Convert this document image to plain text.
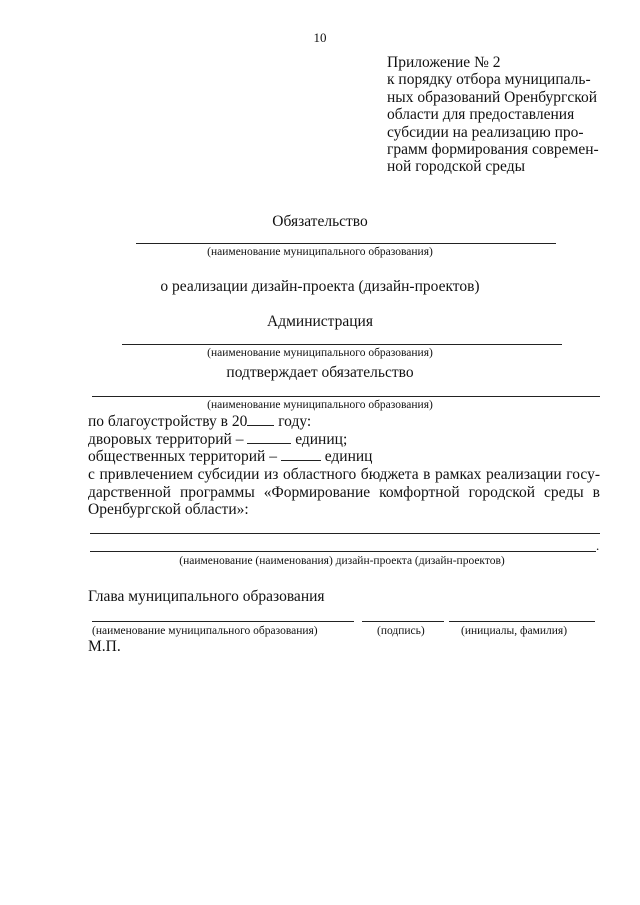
10
Приложение № 2
к порядку отбора муниципаль-
ных образований Оренбургской
области для предоставления
субсидии на реализацию про-
грамм формирования современ-
ной городской среды
Обязательство
(наименование муниципального образования)
о реализации дизайн-проекта (дизайн-проектов)
Администрация
(наименование муниципального образования)
подтверждает обязательство
(наименование муниципального образования)
по благоустройству в 20 году:
дворовых территорий –	единиц;
общественных территорий –	единиц
с привлечением субсидии из областного бюджета в рамках реализации госу-
дарственной программы «Формирование комфортной городской среды в
Оренбургской области»:
.
(наименование (наименования) дизайн-проекта (дизайн-проектов)
Глава муниципального образования
(наименование муниципального образования)	(подпись)	(инициалы, фамилия)
М.П.
